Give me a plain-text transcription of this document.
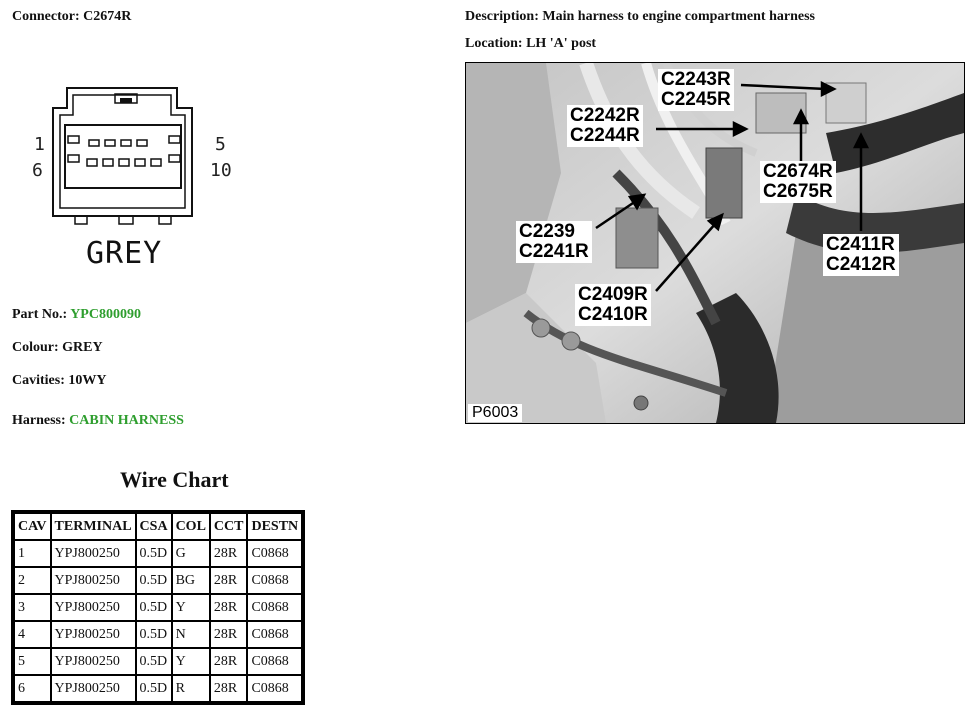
Connector: C2674R	Description: Main harness to engine compartment harness
Location: LH 'A' post
1
6
5
10
GREY
Part No.: YPC800090
Colour: GREY
Cavities: 10WY
Harness: CABIN HARNESS
Wire Chart
CAV	TERMINAL	CSA	COL	CCT	DESTN
1	YPJ800250	0.5D	G	28R	C0868
2	YPJ800250	0.5D	BG	28R	C0868
3	YPJ800250	0.5D	Y	28R	C0868
4	YPJ800250	0.5D	N	28R	C0868
5	YPJ800250	0.5D	Y	28R	C0868
6	YPJ800250	0.5D	R	28R	C0868
C2243R
C2245R
C2242R
C2244R
C2674R
C2675R
C2239
C2241R	C2411R
C2412R
C2409R
C2410R
P6003
